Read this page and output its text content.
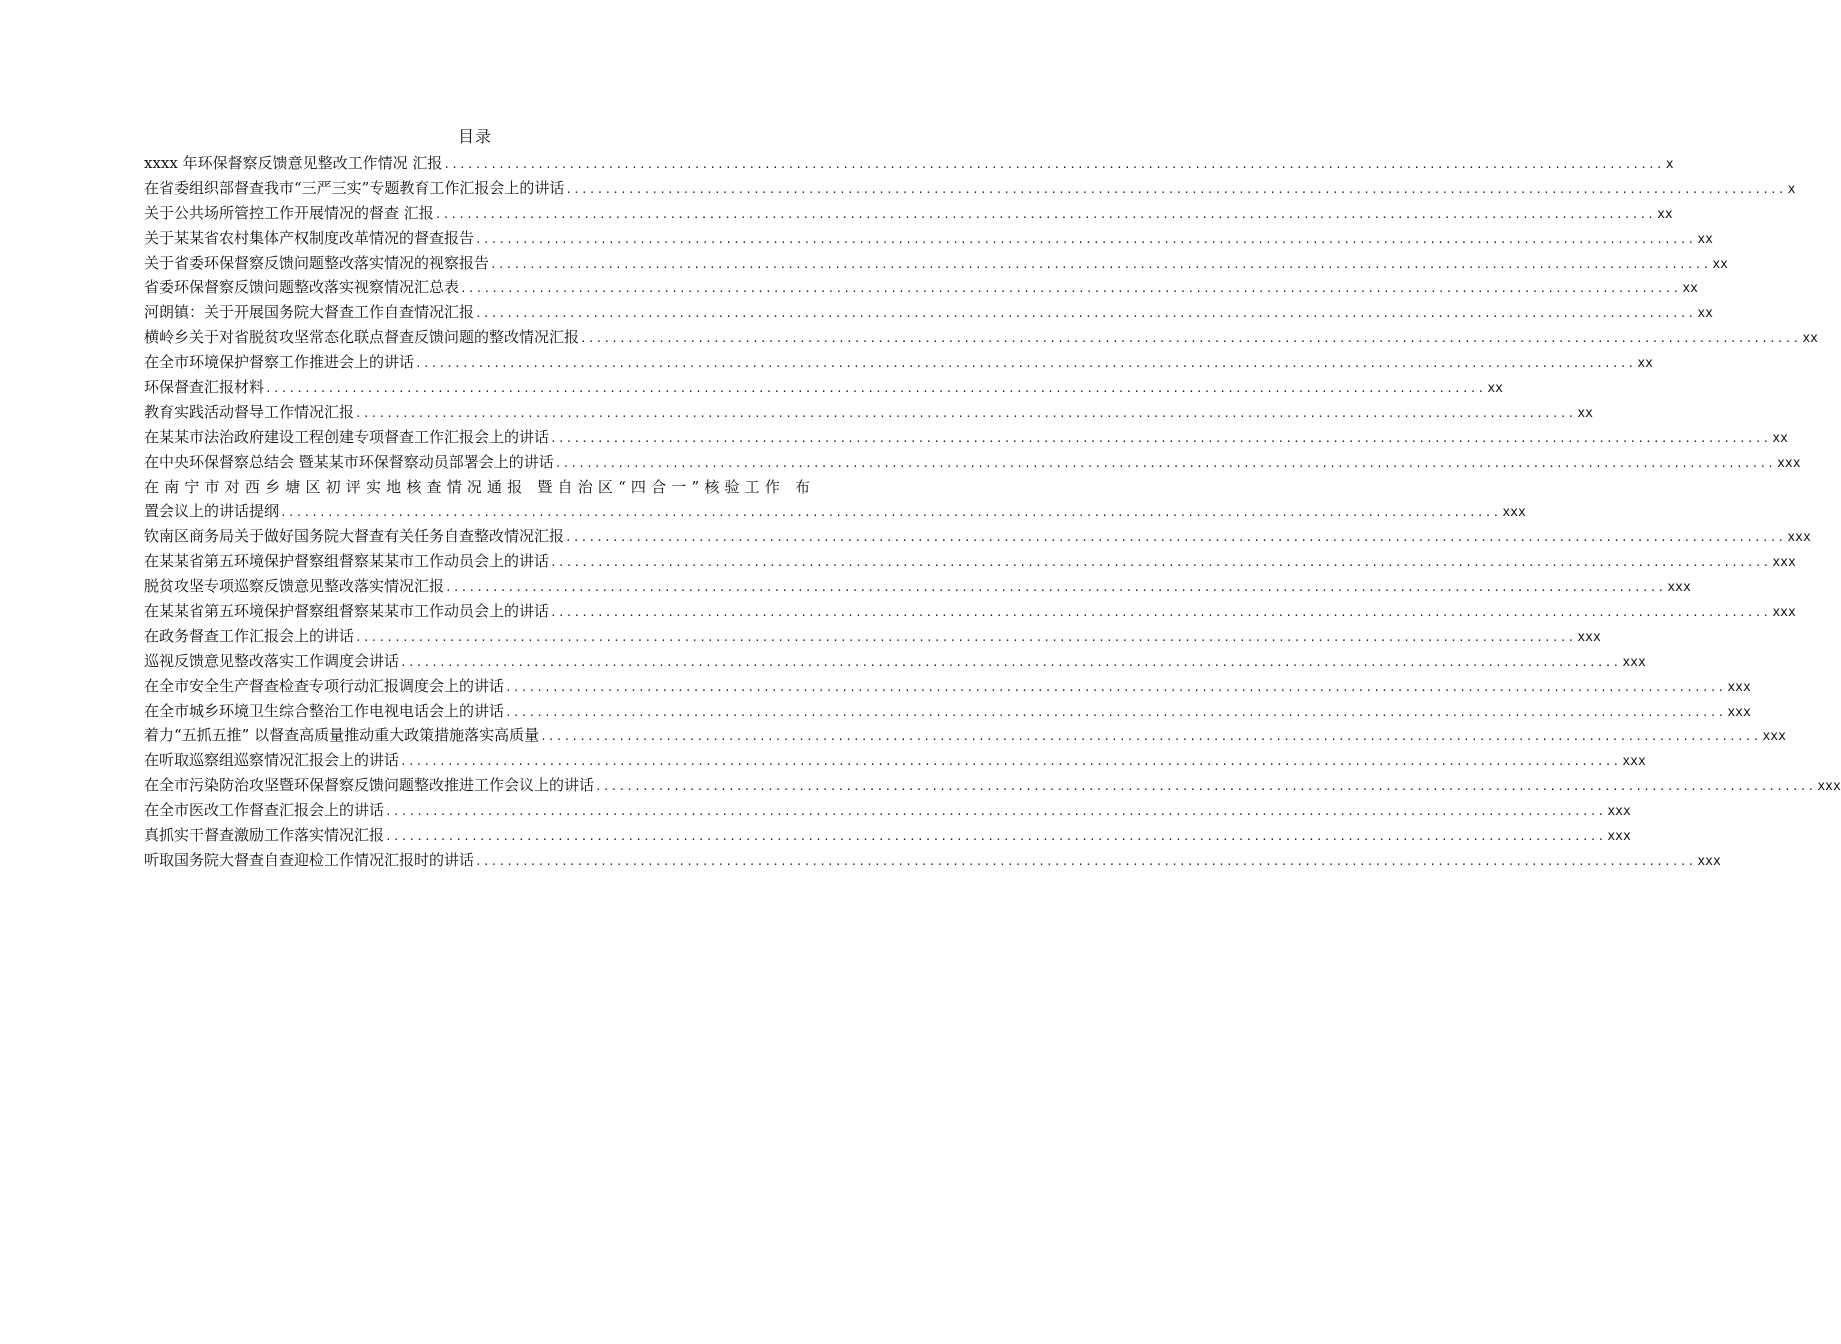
目录
xxxx 年环保督察反馈意见整改工作情况 汇报 .....	x
在省委组织部督查我市“三严三实”专题教育工作汇报会上的讲话 .....	x
关于公共场所管控工作开展情况的督查 汇报 .....	xx
关于某某省农村集体产权制度改革情况的督查报告 .....	xx
关于省委环保督察反馈问题整改落实情况的视察报告 .....	xx
省委环保督察反馈问题整改落实视察情况汇总表 .....	xx
河朗镇：关于开展国务院大督查工作自查情况汇报 .....	xx
横岭乡关于对省脱贫攻坚常态化联点督查反馈问题的整改情况汇报 .....	xx
在全市环境保护督察工作推进会上的讲话 .....	xx
环保督查汇报材料 .....	xx
教育实践活动督导工作情况汇报 .....	xx
在某某市法治政府建设工程创建专项督查工作汇报会上的讲话 .....	xx
在中央环保督察总结会 暨某某市环保督察动员部署会上的讲话 .....	xxx
在南宁市对西乡塘区初评实地核查情况通报 暨自治区“四合一”核验工作 布
置会议上的讲话提纲 .....	xxx
钦南区商务局关于做好国务院大督查有关任务自查整改情况汇报 .....	xxx
在某某省第五环境保护督察组督察某某市工作动员会上的讲话 .....	xxx
脱贫攻坚专项巡察反馈意见整改落实情况汇报 .....	xxx
在某某省第五环境保护督察组督察某某市工作动员会上的讲话 .....	xxx
在政务督查工作汇报会上的讲话 .....	xxx
巡视反馈意见整改落实工作调度会讲话 .....	xxx
在全市安全生产督查检查专项行动汇报调度会上的讲话 .....	xxx
在全市城乡环境卫生综合整治工作电视电话会上的讲话 .....	xxx
着力“五抓五推” 以督查高质量推动重大政策措施落实高质量 .....	xxx
在听取巡察组巡察情况汇报会上的讲话 .....	xxx
在全市污染防治攻坚暨环保督察反馈问题整改推进工作会议上的讲话 .....	xxx
在全市医改工作督查汇报会上的讲话 .....	xxx
真抓实干督查激励工作落实情况汇报 .....	xxx
听取国务院大督查自查迎检工作情况汇报时的讲话 .....	xxx
